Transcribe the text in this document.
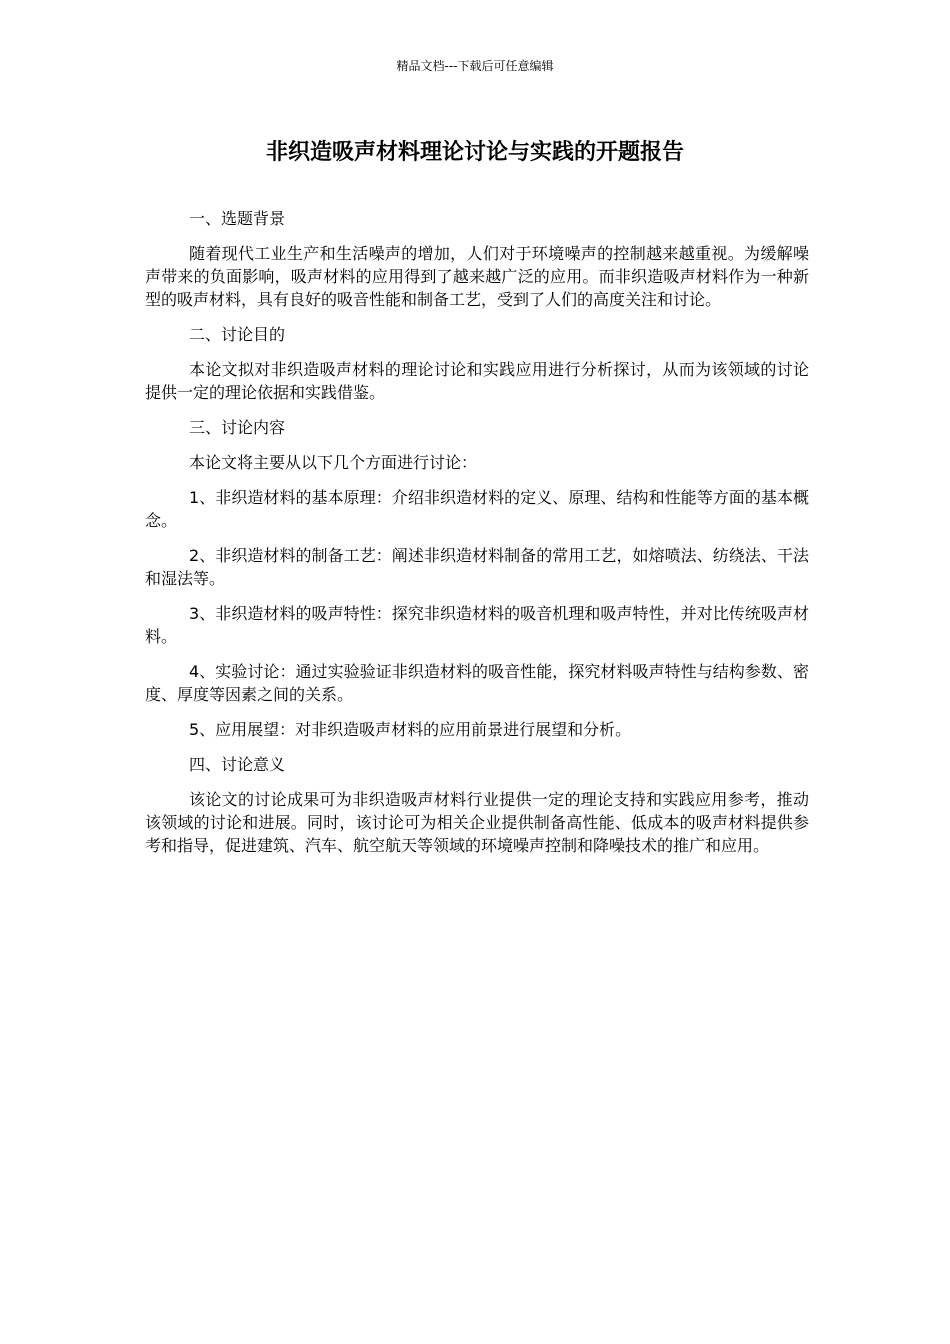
精品文档---下载后可任意编辑
非织造吸声材料理论讨论与实践的开题报告

一、选题背景

随着现代工业生产和生活噪声的增加，人们对于环境噪声的控制越来越重视。为缓解噪声带来的负面影响，吸声材料的应用得到了越来越广泛的应用。而非织造吸声材料作为一种新型的吸声材料，具有良好的吸音性能和制备工艺，受到了人们的高度关注和讨论。

二、讨论目的

本论文拟对非织造吸声材料的理论讨论和实践应用进行分析探讨，从而为该领域的讨论提供一定的理论依据和实践借鉴。

三、讨论内容

本论文将主要从以下几个方面进行讨论：

1、非织造材料的基本原理：介绍非织造材料的定义、原理、结构和性能等方面的基本概念。

2、非织造材料的制备工艺：阐述非织造材料制备的常用工艺，如熔喷法、纺绕法、干法和湿法等。

3、非织造材料的吸声特性：探究非织造材料的吸音机理和吸声特性，并对比传统吸声材料。

4、实验讨论：通过实验验证非织造材料的吸音性能，探究材料吸声特性与结构参数、密度、厚度等因素之间的关系。

5、应用展望：对非织造吸声材料的应用前景进行展望和分析。

四、讨论意义

该论文的讨论成果可为非织造吸声材料行业提供一定的理论支持和实践应用参考，推动该领域的讨论和进展。同时，该讨论可为相关企业提供制备高性能、低成本的吸声材料提供参考和指导，促进建筑、汽车、航空航天等领域的环境噪声控制和降噪技术的推广和应用。
